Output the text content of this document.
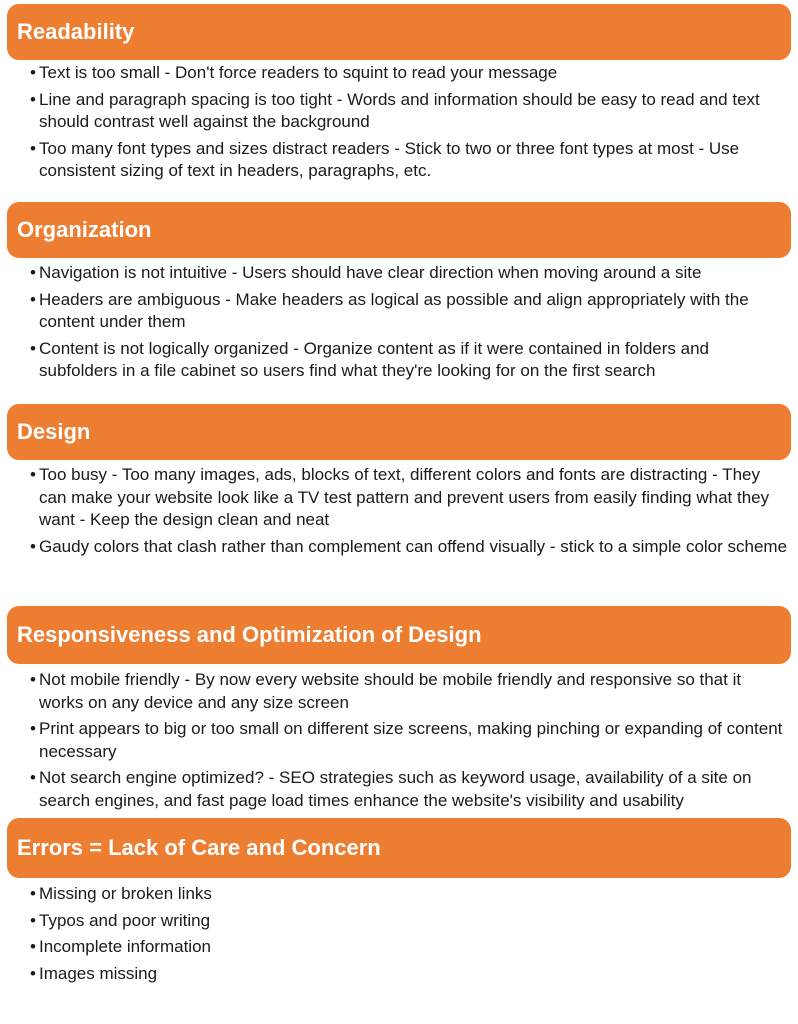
Readability
• Text is too small - Don't force readers to squint to read your message
• Line and paragraph spacing is too tight - Words and information should be easy to read and text should contrast well against the background
• Too many font types and sizes distract readers - Stick to two or three font types at most - Use consistent sizing of text in headers, paragraphs, etc.
Organization
• Navigation is not intuitive - Users should have clear direction when moving around a site
• Headers are ambiguous - Make headers as logical as possible and align appropriately with the content under them
• Content is not logically organized - Organize content as if it were contained in folders and subfolders in a file cabinet so users find what they're looking for on the first search
Design
• Too busy - Too many images, ads, blocks of text, different colors and fonts are distracting - They can make your website look like a TV test pattern and prevent users from easily finding what they want - Keep the design clean and neat
• Gaudy colors that clash rather than complement can offend visually - stick to a simple color scheme
Responsiveness and Optimization of Design
• Not mobile friendly - By now every website should be mobile friendly and responsive so that it works on any device and any size screen
• Print appears to big or too small on different size screens, making pinching or expanding of content necessary
• Not search engine optimized? - SEO strategies such as keyword usage, availability of a site on search engines, and fast page load times enhance the website's visibility and usability
Errors = Lack of Care and Concern
• Missing or broken links
• Typos and poor writing
• Incomplete information
• Images missing
